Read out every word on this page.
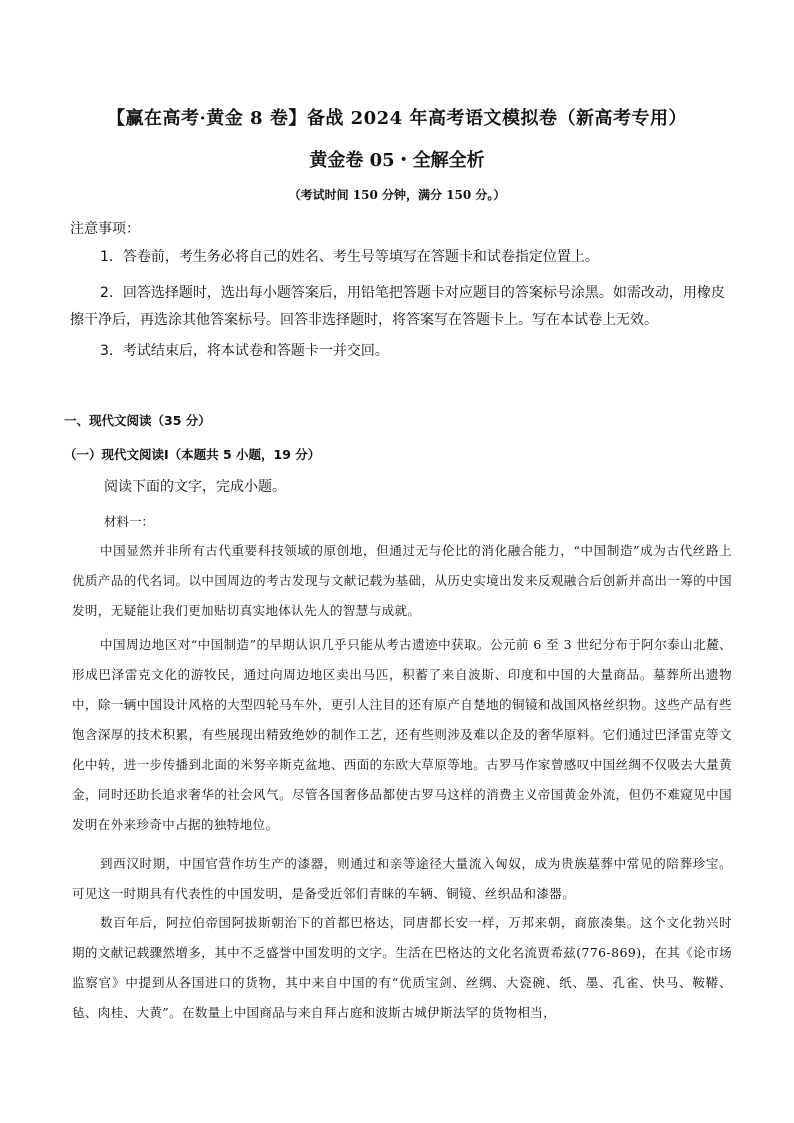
【赢在高考·黄金 8 卷】备战 2024 年高考语文模拟卷（新高考专用）
黄金卷 05・全解全析
（考试时间 150 分钟，满分 150 分。）
注意事项：
1．答卷前，考生务必将自己的姓名、考生号等填写在答题卡和试卷指定位置上。
2．回答选择题时，选出每小题答案后，用铅笔把答题卡对应题目的答案标号涂黑。如需改动，用橡皮擦干净后，再选涂其他答案标号。回答非选择题时，将答案写在答题卡上。写在本试卷上无效。
3．考试结束后，将本试卷和答题卡一并交回。
一、现代文阅读（35 分）
（一）现代文阅读Ⅰ（本题共 5 小题，19 分）
阅读下面的文字，完成小题。
材料一：
中国显然并非所有古代重要科技领域的原创地，但通过无与伦比的消化融合能力，“中国制造”成为古代丝路上优质产品的代名词。以中国周边的考古发现与文献记载为基础，从历史实境出发来反观融合后创新并高出一筹的中国发明，无疑能让我们更加贴切真实地体认先人的智慧与成就。
中国周边地区对“中国制造”的早期认识几乎只能从考古遗迹中获取。公元前 6 至 3 世纪分布于阿尔泰山北麓、形成巴泽雷克文化的游牧民，通过向周边地区卖出马匹，积蓄了来自波斯、印度和中国的大量商品。墓葬所出遗物中，除一辆中国设计风格的大型四轮马车外，更引人注目的还有原产自楚地的铜镜和战国风格丝织物。这些产品有些饱含深厚的技术积累，有些展现出精致绝妙的制作工艺，还有些则涉及难以企及的奢华原料。它们通过巴泽雷克等文化中转，进一步传播到北面的米努辛斯克盆地、西面的东欧大草原等地。古罗马作家曾感叹中国丝绸不仅吸去大量黄金，同时还助长追求奢华的社会风气。尽管各国奢侈品都使古罗马这样的消费主义帝国黄金外流，但仍不难窥见中国发明在外来珍奇中占据的独特地位。
到西汉时期，中国官营作坊生产的漆器，则通过和亲等途径大量流入匈奴，成为贵族墓葬中常见的陪葬珍宝。可见这一时期具有代表性的中国发明，是备受近邻们青睐的车辆、铜镜、丝织品和漆器。
数百年后，阿拉伯帝国阿拔斯朝治下的首都巴格达，同唐都长安一样，万邦来朝，商旅凑集。这个文化勃兴时期的文献记载骤然增多，其中不乏盛誉中国发明的文字。生活在巴格达的文化名流贾希兹(776-869)，在其《论市场监察官》中提到从各国进口的货物，其中来自中国的有“优质宝剑、丝绸、大瓷碗、纸、墨、孔雀、快马、鞍鞯、毡、肉桂、大黄”。在数量上中国商品与来自拜占庭和波斯古城伊斯法罕的货物相当，
